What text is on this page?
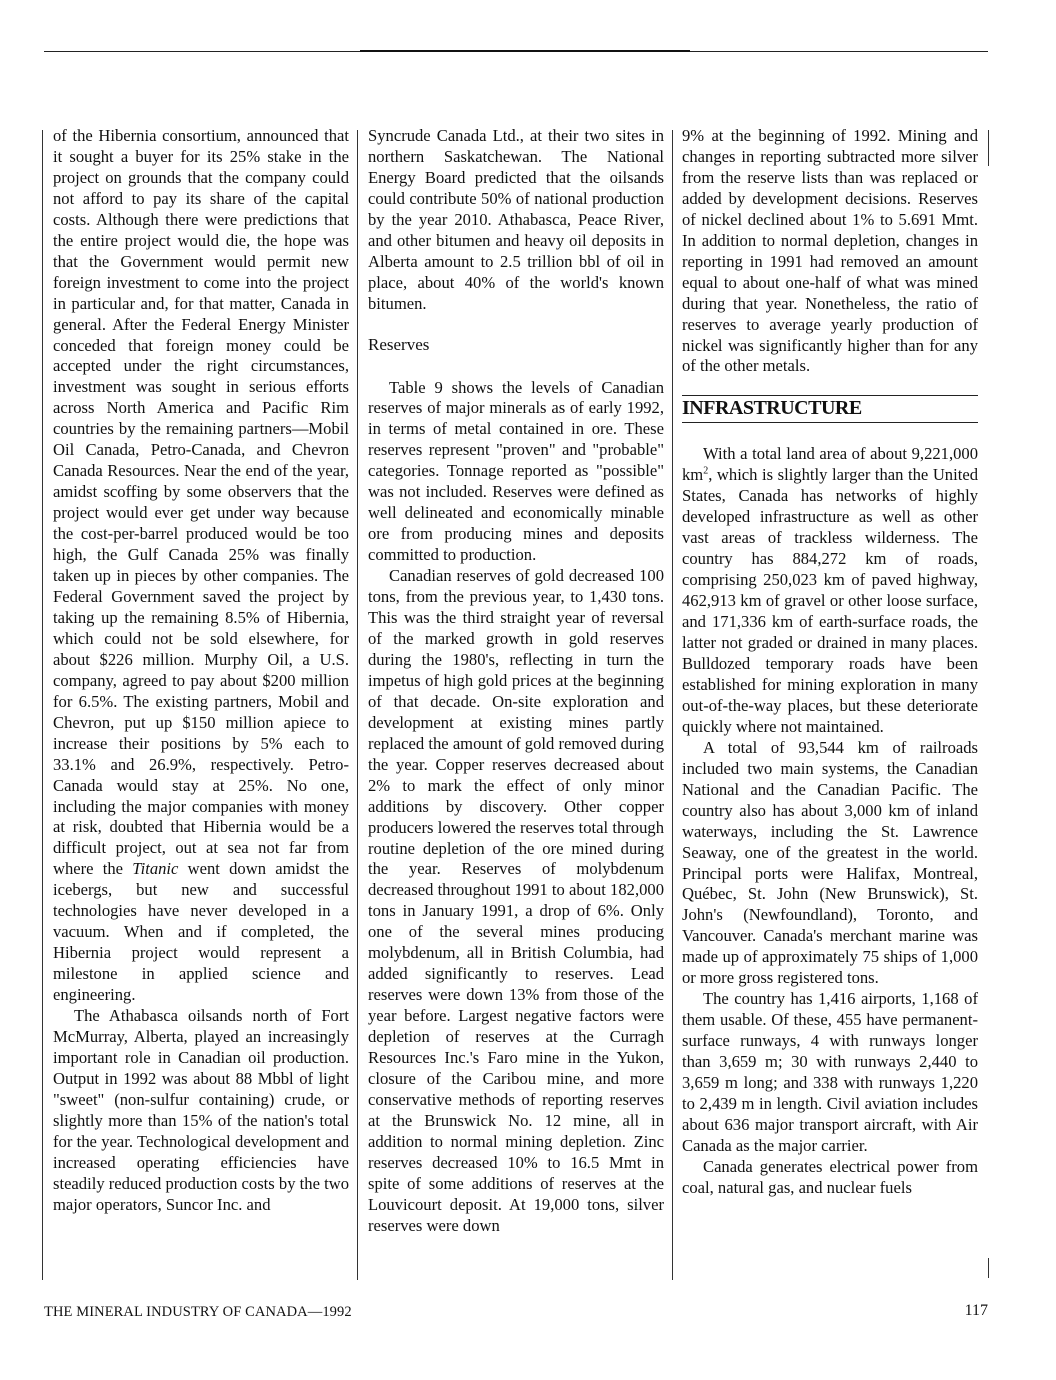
of the Hibernia consortium, announced that it sought a buyer for its 25% stake in the project on grounds that the company could not afford to pay its share of the capital costs. Although there were predictions that the entire project would die, the hope was that the Government would permit new foreign investment to come into the project in particular and, for that matter, Canada in general. After the Federal Energy Minister conceded that foreign money could be accepted under the right circumstances, investment was sought in serious efforts across North America and Pacific Rim countries by the remaining partners—Mobil Oil Canada, Petro-Canada, and Chevron Canada Resources. Near the end of the year, amidst scoffing by some observers that the project would ever get under way because the cost-per-barrel produced would be too high, the Gulf Canada 25% was finally taken up in pieces by other companies. The Federal Government saved the project by taking up the remaining 8.5% of Hibernia, which could not be sold elsewhere, for about $226 million. Murphy Oil, a U.S. company, agreed to pay about $200 million for 6.5%. The existing partners, Mobil and Chevron, put up $150 million apiece to increase their positions by 5% each to 33.1% and 26.9%, respectively. Petro-Canada would stay at 25%. No one, including the major companies with money at risk, doubted that Hibernia would be a difficult project, out at sea not far from where the Titanic went down amidst the icebergs, but new and successful technologies have never developed in a vacuum. When and if completed, the Hibernia project would represent a milestone in applied science and engineering.

The Athabasca oilsands north of Fort McMurray, Alberta, played an increasingly important role in Canadian oil production. Output in 1992 was about 88 Mbbl of light "sweet" (non-sulfur containing) crude, or slightly more than 15% of the nation's total for the year. Technological development and increased operating efficiencies have steadily reduced production costs by the two major operators, Suncor Inc. and

Syncrude Canada Ltd., at their two sites in northern Saskatchewan. The National Energy Board predicted that the oilsands could contribute 50% of national production by the year 2010. Athabasca, Peace River, and other bitumen and heavy oil deposits in Alberta amount to 2.5 trillion bbl of oil in place, about 40% of the world's known bitumen.

Reserves

Table 9 shows the levels of Canadian reserves of major minerals as of early 1992, in terms of metal contained in ore. These reserves represent "proven" and "probable" categories. Tonnage reported as "possible" was not included. Reserves were defined as well delineated and economically minable ore from producing mines and deposits committed to production.

Canadian reserves of gold decreased 100 tons, from the previous year, to 1,430 tons. This was the third straight year of reversal of the marked growth in gold reserves during the 1980's, reflecting in turn the impetus of high gold prices at the beginning of that decade. On-site exploration and development at existing mines partly replaced the amount of gold removed during the year. Copper reserves decreased about 2% to mark the effect of only minor additions by discovery. Other copper producers lowered the reserves total through routine depletion of the ore mined during the year. Reserves of molybdenum decreased throughout 1991 to about 182,000 tons in January 1991, a drop of 6%. Only one of the several mines producing molybdenum, all in British Columbia, had added significantly to reserves. Lead reserves were down 13% from those of the year before. Largest negative factors were depletion of reserves at the Curragh Resources Inc.'s Faro mine in the Yukon, closure of the Caribou mine, and more conservative methods of reporting reserves at the Brunswick No. 12 mine, all in addition to normal mining depletion. Zinc reserves decreased 10% to 16.5 Mmt in spite of some additions of reserves at the Louvicourt deposit. At 19,000 tons, silver reserves were down

9% at the beginning of 1992. Mining and changes in reporting subtracted more silver from the reserve lists than was replaced or added by development decisions. Reserves of nickel declined about 1% to 5.691 Mmt. In addition to normal depletion, changes in reporting in 1991 had removed an amount equal to about one-half of what was mined during that year. Nonetheless, the ratio of reserves to average yearly production of nickel was significantly higher than for any of the other metals.

INFRASTRUCTURE

With a total land area of about 9,221,000 $km^2$, which is slightly larger than the United States, Canada has networks of highly developed infrastructure as well as other vast areas of trackless wilderness. The country has 884,272 km of roads, comprising 250,023 km of paved highway, 462,913 km of gravel or other loose surface, and 171,336 km of earth-surface roads, the latter not graded or drained in many places. Bulldozed temporary roads have been established for mining exploration in many out-of-the-way places, but these deteriorate quickly where not maintained.

A total of 93,544 km of railroads included two main systems, the Canadian National and the Canadian Pacific. The country also has about 3,000 km of inland waterways, including the St. Lawrence Seaway, one of the greatest in the world. Principal ports were Halifax, Montreal, Québec, St. John (New Brunswick), St. John's (Newfoundland), Toronto, and Vancouver. Canada's merchant marine was made up of approximately 75 ships of 1,000 or more gross registered tons.

The country has 1,416 airports, 1,168 of them usable. Of these, 455 have permanent-surface runways, 4 with runways longer than 3,659 m; 30 with runways 2,440 to 3,659 m long; and 338 with runways 1,220 to 2,439 m in length. Civil aviation includes about 636 major transport aircraft, with Air Canada as the major carrier.

Canada generates electrical power from coal, natural gas, and nuclear fuels

THE MINERAL INDUSTRY OF CANADA—1992	117
